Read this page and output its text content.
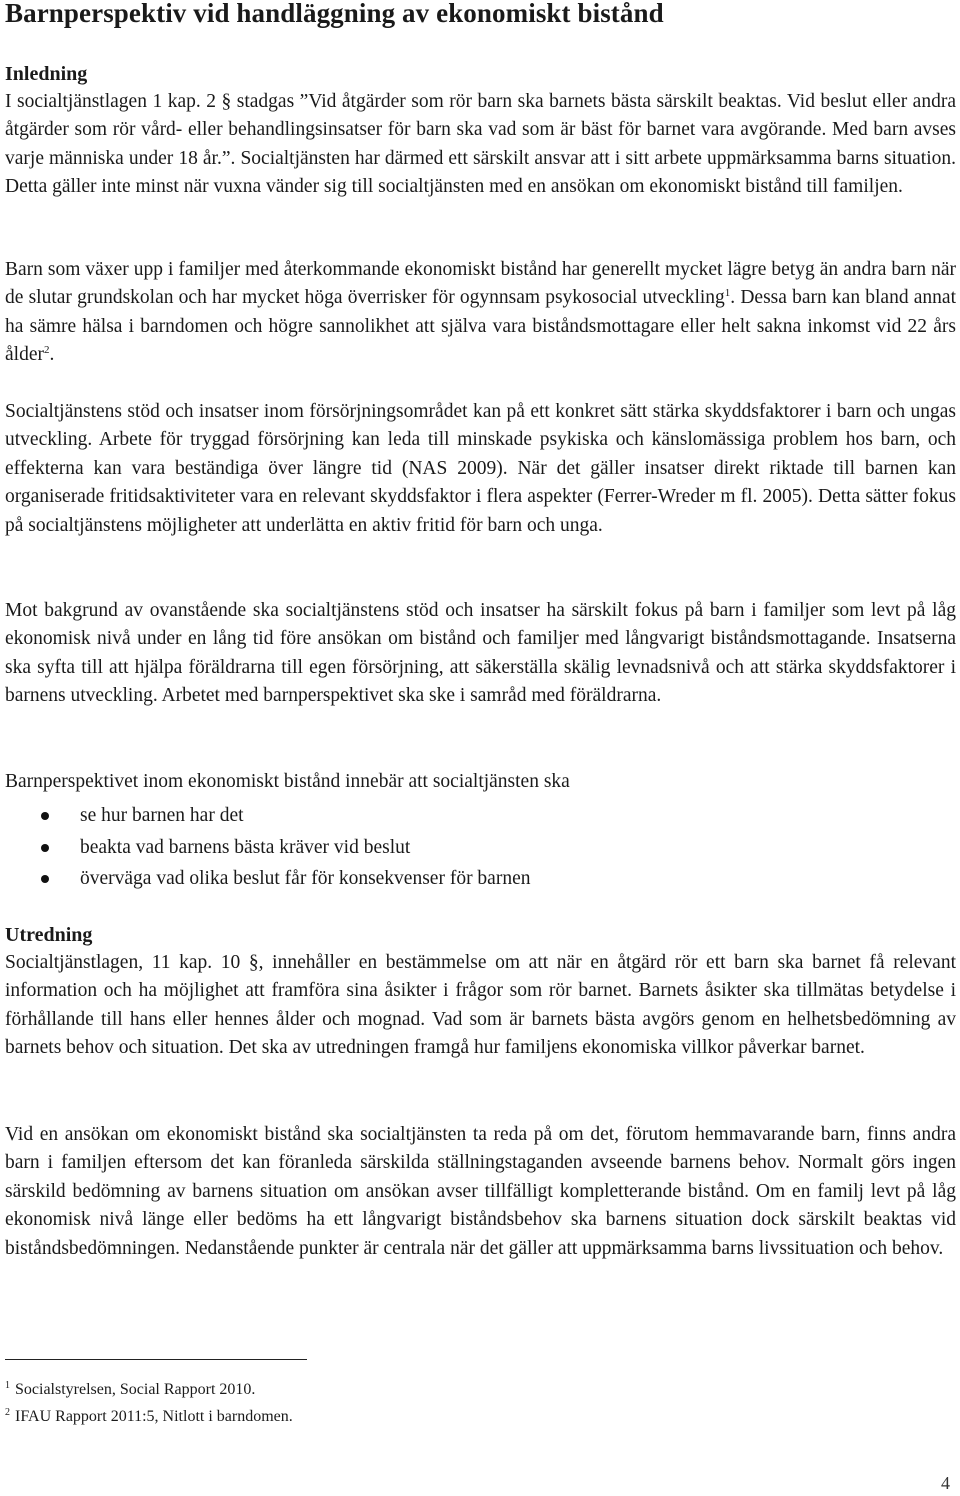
Barnperspektiv vid handläggning av ekonomiskt bistånd
Inledning

I socialtjänstlagen 1 kap. 2 § stadgas ”Vid åtgärder som rör barn ska barnets bästa särskilt beaktas. Vid beslut eller andra åtgärder som rör vård- eller behandlingsinsatser för barn ska vad som är bäst för barnet vara avgörande. Med barn avses varje människa under 18 år.”. Socialtjänsten har därmed ett särskilt ansvar att i sitt arbete uppmärksamma barns situation. Detta gäller inte minst när vuxna vänder sig till socialtjänsten med en ansökan om ekonomiskt bistånd till familjen.

Barn som växer upp i familjer med återkommande ekonomiskt bistånd har generellt mycket lägre betyg än andra barn när de slutar grundskolan och har mycket höga överrisker för ogynnsam psykosocial utveckling$^1$. Dessa barn kan bland annat ha sämre hälsa i barndomen och högre sannolikhet att själva vara biståndsmottagare eller helt sakna inkomst vid 22 års ålder$^2$.

Socialtjänstens stöd och insatser inom försörjningsområdet kan på ett konkret sätt stärka skyddsfaktorer i barn och ungas utveckling. Arbete för tryggad försörjning kan leda till minskade psykiska och känslomässiga problem hos barn, och effekterna kan vara beständiga över längre tid (NAS 2009). När det gäller insatser direkt riktade till barnen kan organiserade fritidsaktiviteter vara en relevant skyddsfaktor i flera aspekter (Ferrer-Wreder m fl. 2005). Detta sätter fokus på socialtjänstens möjligheter att underlätta en aktiv fritid för barn och unga.

Mot bakgrund av ovanstående ska socialtjänstens stöd och insatser ha särskilt fokus på barn i familjer som levt på låg ekonomisk nivå under en lång tid före ansökan om bistånd och familjer med långvarigt biståndsmottagande. Insatserna ska syfta till att hjälpa föräldrarna till egen försörjning, att säkerställa skälig levnadsnivå och att stärka skyddsfaktorer i barnens utveckling. Arbetet med barnperspektivet ska ske i samråd med föräldrarna.

Barnperspektivet inom ekonomiskt bistånd innebär att socialtjänsten ska

se hur barnen har det
beakta vad barnens bästa kräver vid beslut
överväga vad olika beslut får för konsekvenser för barnen
Utredning

Socialtjänstlagen, 11 kap. 10 §, innehåller en bestämmelse om att när en åtgärd rör ett barn ska barnet få relevant information och ha möjlighet att framföra sina åsikter i frågor som rör barnet. Barnets åsikter ska tillmätas betydelse i förhållande till hans eller hennes ålder och mognad. Vad som är barnets bästa avgörs genom en helhetsbedömning av barnets behov och situation. Det ska av utredningen framgå hur familjens ekonomiska villkor påverkar barnet.

Vid en ansökan om ekonomiskt bistånd ska socialtjänsten ta reda på om det, förutom hemmavarande barn, finns andra barn i familjen eftersom det kan föranleda särskilda ställningstaganden avseende barnens behov. Normalt görs ingen särskild bedömning av barnens situation om ansökan avser tillfälligt kompletterande bistånd. Om en familj levt på låg ekonomisk nivå länge eller bedöms ha ett långvarigt biståndsbehov ska barnens situation dock särskilt beaktas vid biståndsbedömningen. Nedanstående punkter är centrala när det gäller att uppmärksamma barns livssituation och behov.

$^1$ Socialstyrelsen, Social Rapport 2010.
$^2$ IFAU Rapport 2011:5, Nitlott i barndomen.
4
